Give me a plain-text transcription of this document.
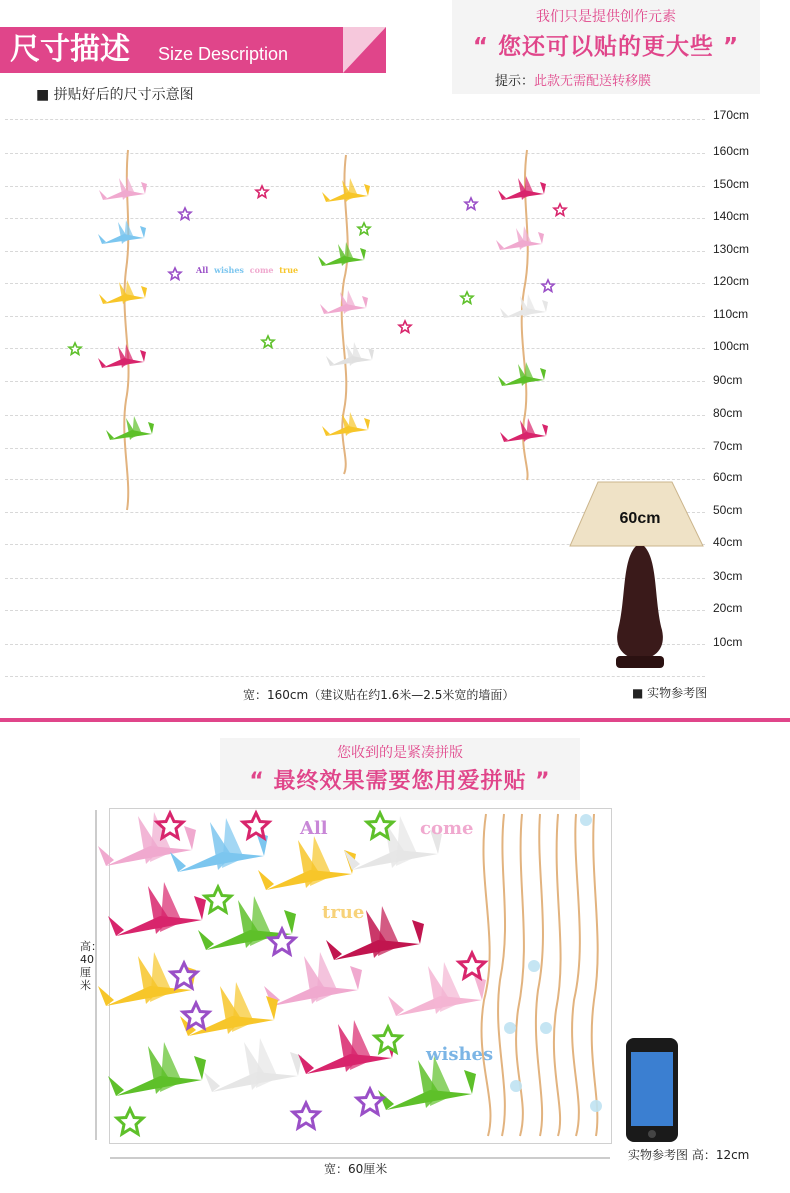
尺寸描述 Size Description
我们只是提供创作元素
“ 您还可以贴的更大些 ”
提示：此款无需配送转移膜
■ 拼贴好后的尺寸示意图
170cm
160cm
150cm
140cm
130cm
120cm
110cm
100cm
90cm
80cm
70cm
60cm
50cm
40cm
30cm
20cm
10cm
All wishes come true
60cm
宽：160cm（建议贴在约1.6米—2.5米宽的墙面）	■ 实物参考图
您收到的是紧凑拼版
“ 最终效果需要您用爱拼贴 ”
All	come
true
wishes
高：40厘米
宽：60厘米
实物参考图 高：12cm
